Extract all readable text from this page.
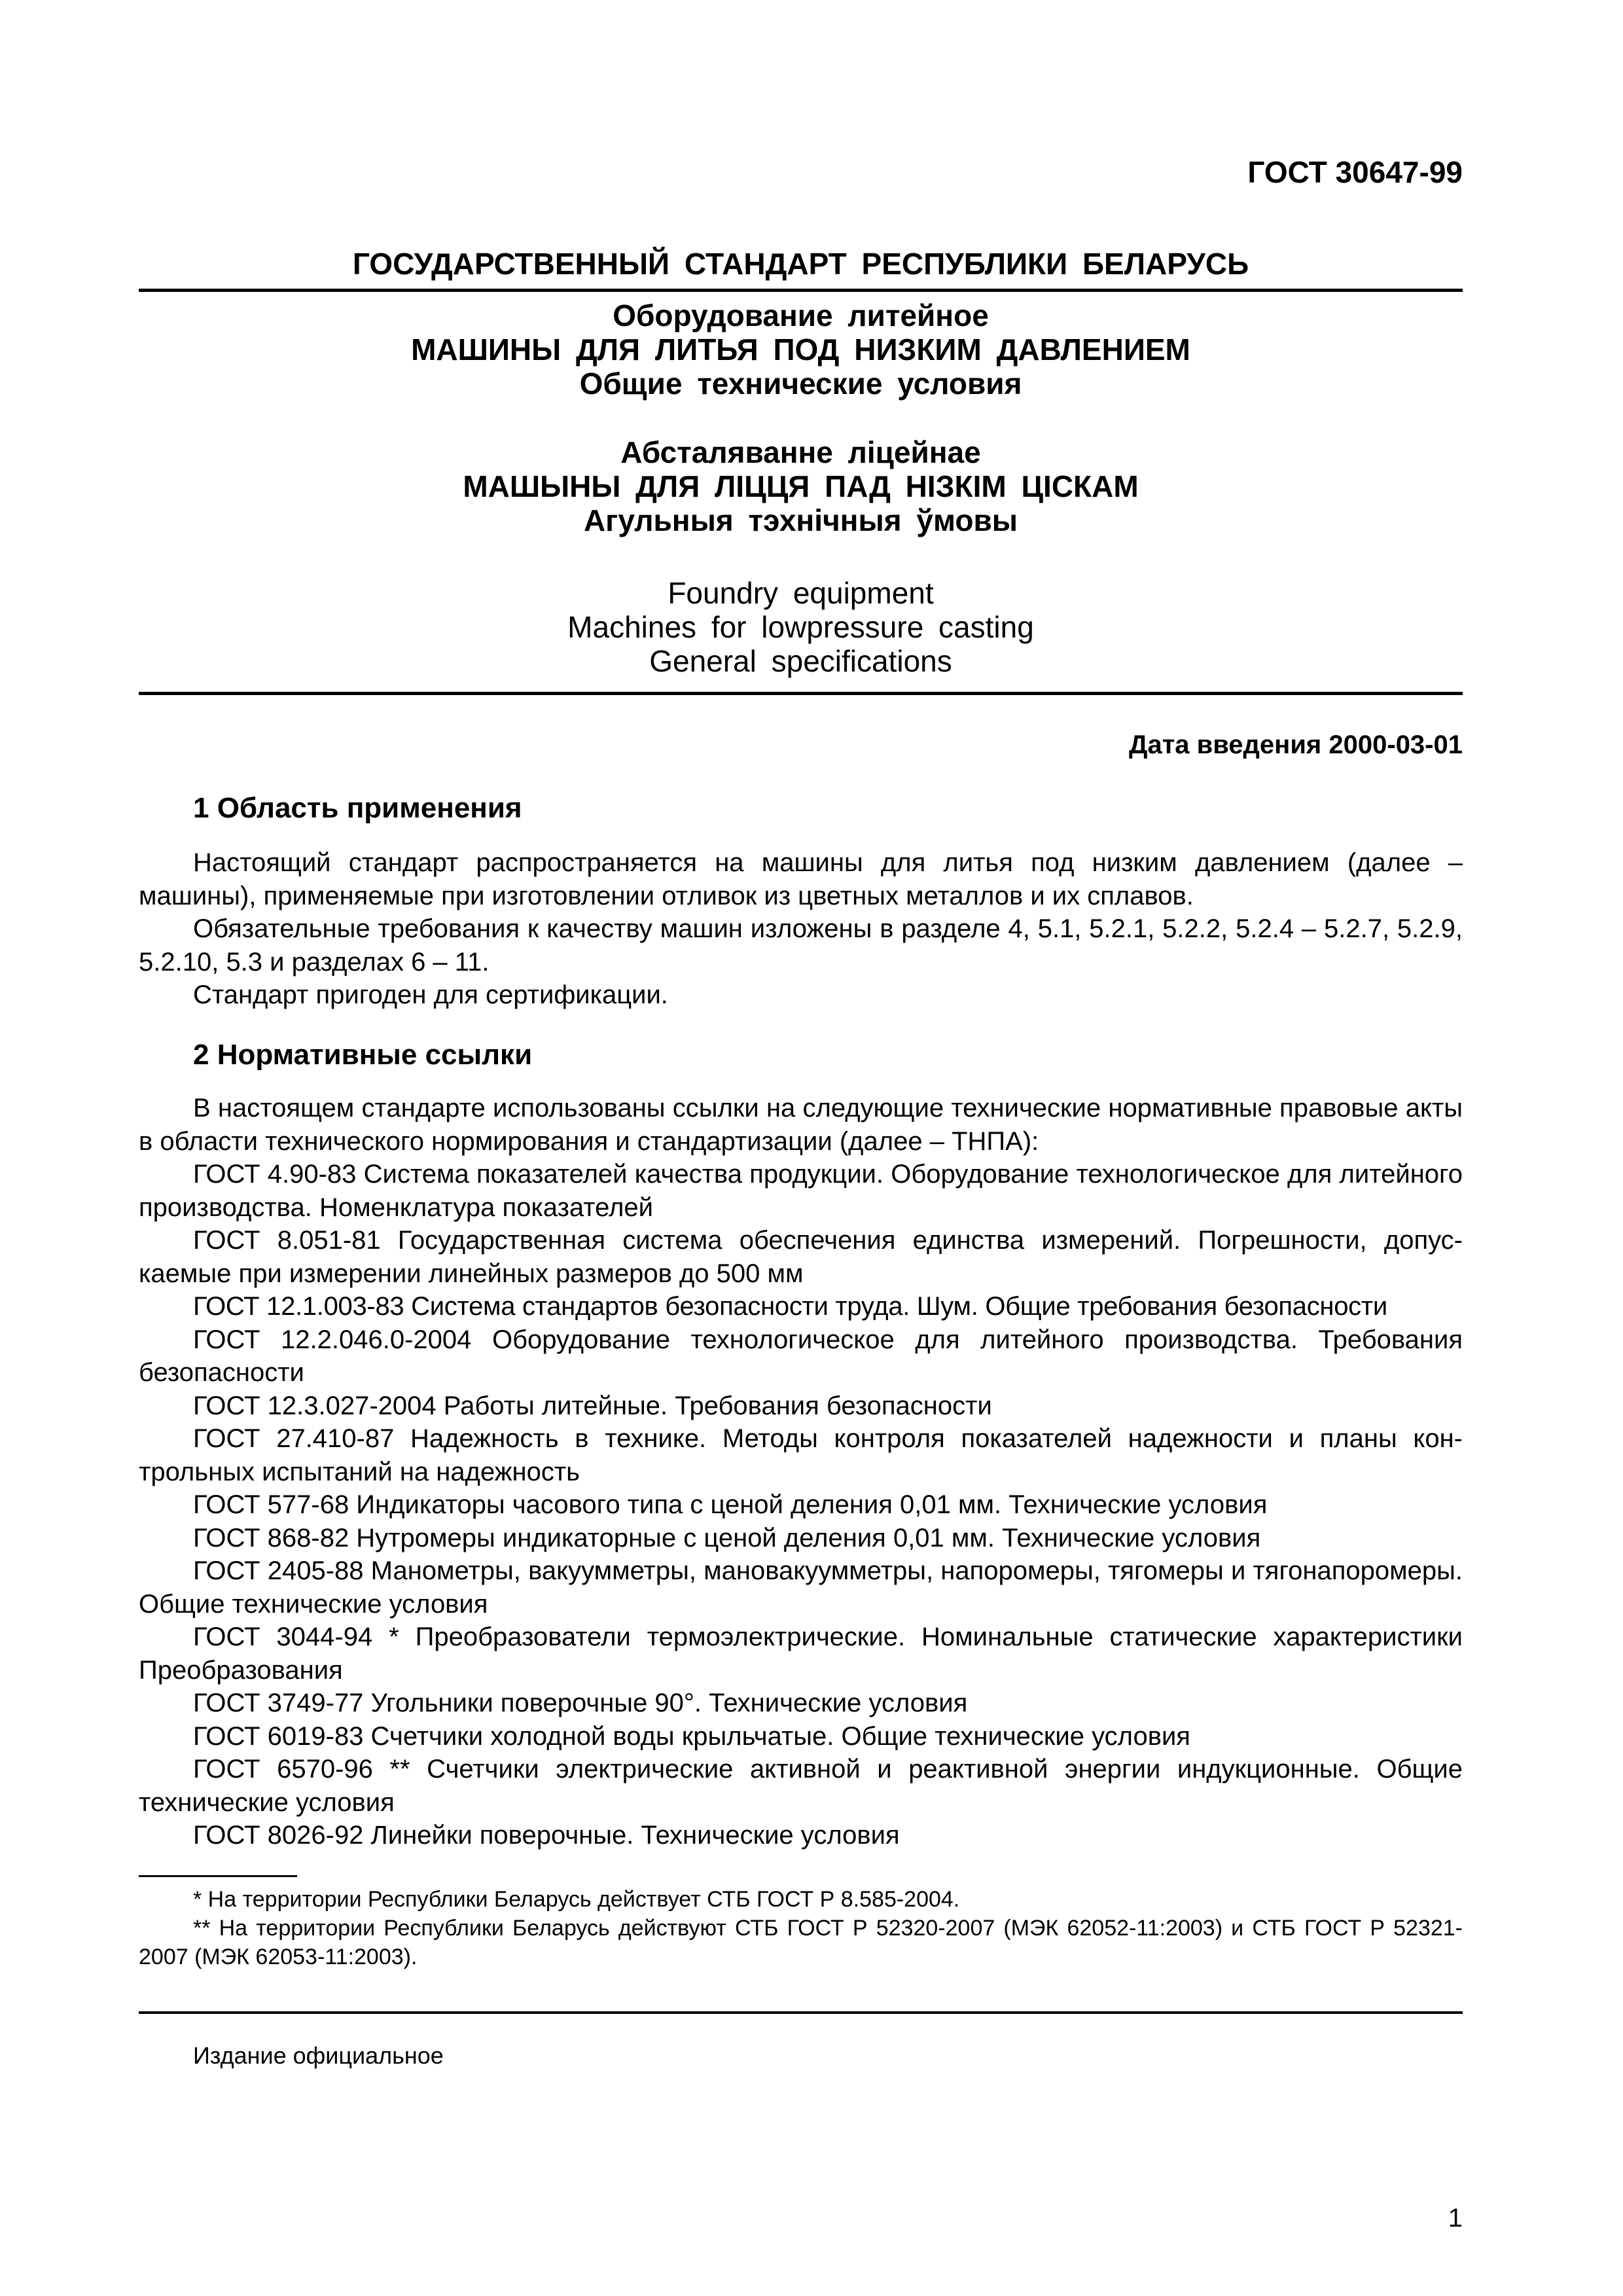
ГОСТ 30647-99
ГОСУДАРСТВЕННЫЙ СТАНДАРТ РЕСПУБЛИКИ БЕЛАРУСЬ
Оборудование литейное
МАШИНЫ ДЛЯ ЛИТЬЯ ПОД НИЗКИМ ДАВЛЕНИЕМ
Общие технические условия
Абсталяванне ліцейнае
МАШЫНЫ ДЛЯ ЛІЦЦЯ ПАД НІЗКІМ ЦІСКАМ
Агульныя тэхнічныя ўмовы
Foundry equipment
Machines for lowpressure casting
General specifications
Дата введения 2000-03-01
1 Область применения

Настоящий стандарт распространяется на машины для литья под низким давлением (далее – машины), применяемые при изготовлении отливок из цветных металлов и их сплавов.

Обязательные требования к качеству машин изложены в разделе 4, 5.1, 5.2.1, 5.2.2, 5.2.4 – 5.2.7, 5.2.9, 5.2.10, 5.3 и разделах 6 – 11.

Стандарт пригоден для сертификации.

2 Нормативные ссылки

В настоящем стандарте использованы ссылки на следующие технические нормативные правовые акты в области технического нормирования и стандартизации (далее – ТНПА):

ГОСТ 4.90-83 Система показателей качества продукции. Оборудование технологическое для литейного производства. Номенклатура показателей

ГОСТ 8.051-81 Государственная система обеспечения единства измерений. Погрешности, допускаемые при измерении линейных размеров до 500 мм

ГОСТ 12.1.003-83 Система стандартов безопасности труда. Шум. Общие требования безопасности

ГОСТ 12.2.046.0-2004 Оборудование технологическое для литейного производства. Требования безопасности

ГОСТ 12.3.027-2004 Работы литейные. Требования безопасности

ГОСТ 27.410-87 Надежность в технике. Методы контроля показателей надежности и планы контрольных испытаний на надежность

ГОСТ 577-68 Индикаторы часового типа с ценой деления 0,01 мм. Технические условия

ГОСТ 868-82 Нутромеры индикаторные с ценой деления 0,01 мм. Технические условия

ГОСТ 2405-88 Манометры, вакуумметры, мановакуумметры, напоромеры, тягомеры и тягонапоромеры. Общие технические условия

ГОСТ 3044-94 * Преобразователи термоэлектрические. Номинальные статические характеристики Преобразования

ГОСТ 3749-77 Угольники поверочные 90°. Технические условия

ГОСТ 6019-83 Счетчики холодной воды крыльчатые. Общие технические условия

ГОСТ 6570-96 ** Счетчики электрические активной и реактивной энергии индукционные. Общие технические условия

ГОСТ 8026-92 Линейки поверочные. Технические условия

* На территории Республики Беларусь действует СТБ ГОСТ Р 8.585-2004.

** На территории Республики Беларусь действуют СТБ ГОСТ Р 52320-2007 (МЭК 62052-11:2003) и СТБ ГОСТ Р 52321-2007 (МЭК 62053-11:2003).

Издание официальное
1
